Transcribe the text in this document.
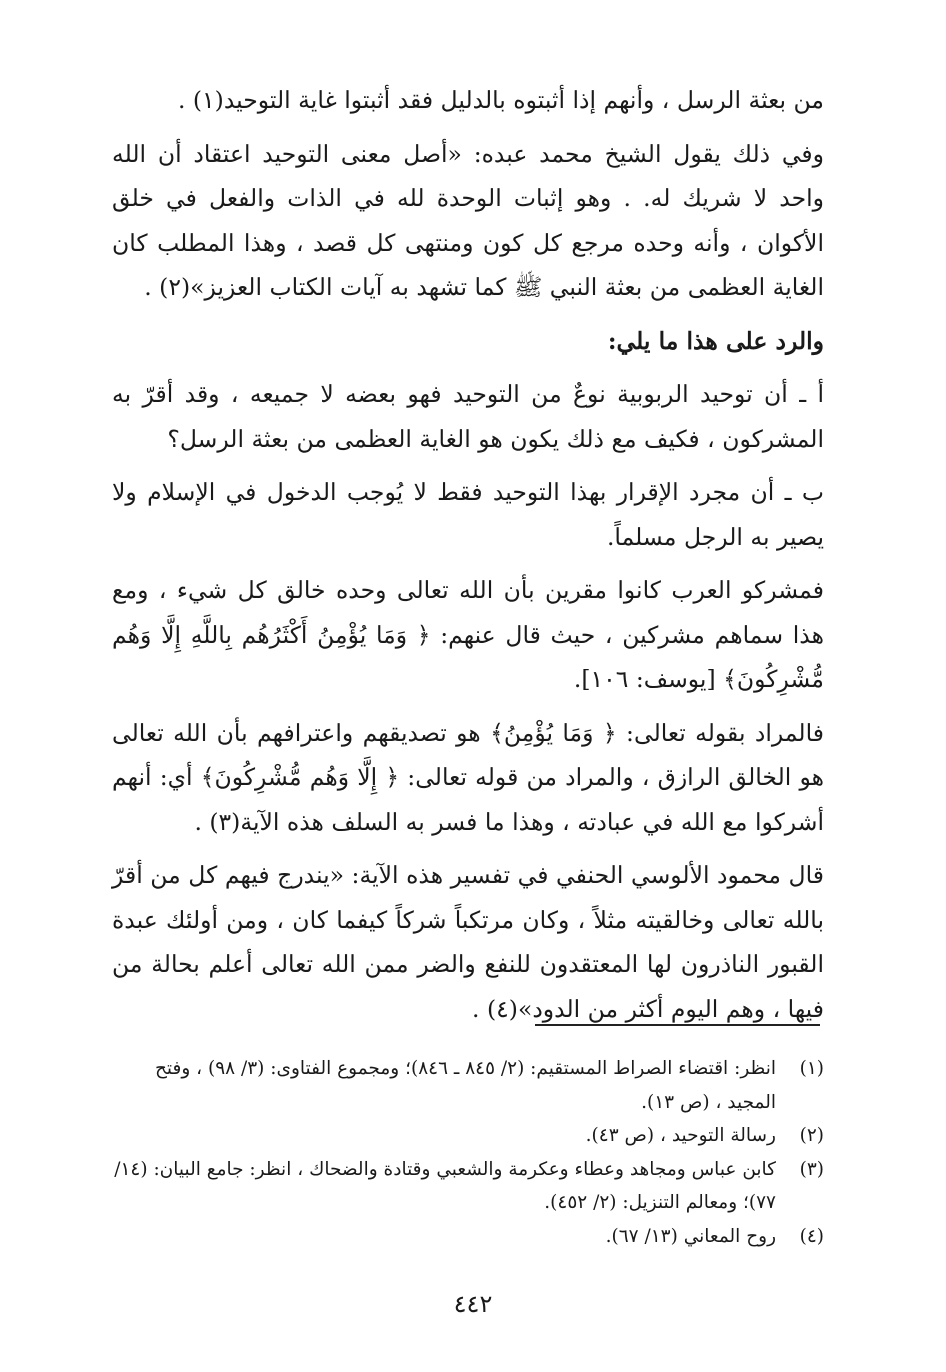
من بعثة الرسل ، وأنهم إذا أثبتوه بالدليل فقد أثبتوا غاية التوحيد(١) .

وفي ذلك يقول الشيخ محمد عبده: «أصل معنى التوحيد اعتقاد أن الله واحد لا شريك له. . وهو إثبات الوحدة لله في الذات والفعل في خلق الأكوان ، وأنه وحده مرجع كل كون ومنتهى كل قصد ، وهذا المطلب كان الغاية العظمى من بعثة النبي ﷺ كما تشهد به آيات الكتاب العزيز»(٢) .

والرد على هذا ما يلي:

أ ـ أن توحيد الربوبية نوعٌ من التوحيد فهو بعضه لا جميعه ، وقد أقرّ به المشركون ، فكيف مع ذلك يكون هو الغاية العظمى من بعثة الرسل؟

ب ـ أن مجرد الإقرار بهذا التوحيد فقط لا يُوجب الدخول في الإسلام ولا يصير به الرجل مسلماً.

فمشركو العرب كانوا مقرين بأن الله تعالى وحده خالق كل شيء ، ومع هذا سماهم مشركين ، حيث قال عنهم: ﴿ وَمَا يُؤْمِنُ أَكْثَرُهُم بِاللَّهِ إِلَّا وَهُم مُّشْرِكُونَ﴾ [يوسف: ١٠٦].

فالمراد بقوله تعالى: ﴿ وَمَا يُؤْمِنُ﴾ هو تصديقهم واعترافهم بأن الله تعالى هو الخالق الرازق ، والمراد من قوله تعالى: ﴿ إِلَّا وَهُم مُّشْرِكُونَ﴾ أي: أنهم أشركوا مع الله في عبادته ، وهذا ما فسر به السلف هذه الآية(٣) .

قال محمود الألوسي الحنفي في تفسير هذه الآية: «يندرج فيهم كل من أقرّ بالله تعالى وخالقيته مثلاً ، وكان مرتكباً شركاً كيفما كان ، ومن أولئك عبدة القبور الناذرون لها المعتقدون للنفع والضر ممن الله تعالى أعلم بحالة من فيها ، وهم اليوم أكثر من الدود»(٤) .

(١)
انظر: اقتضاء الصراط المستقيم: (٢/ ٨٤٥ ـ ٨٤٦)؛ ومجموع الفتاوى: (٣/ ٩٨) ، وفتح المجيد ، (ص ١٣).
(٢)
رسالة التوحيد ، (ص ٤٣).
(٣)
كابن عباس ومجاهد وعطاء وعكرمة والشعبي وقتادة والضحاك ، انظر: جامع البيان: (١٤/ ٧٧)؛ ومعالم التنزيل: (٢/ ٤٥٢).
(٤)
روح المعاني (١٣/ ٦٧).
٤٤٢
